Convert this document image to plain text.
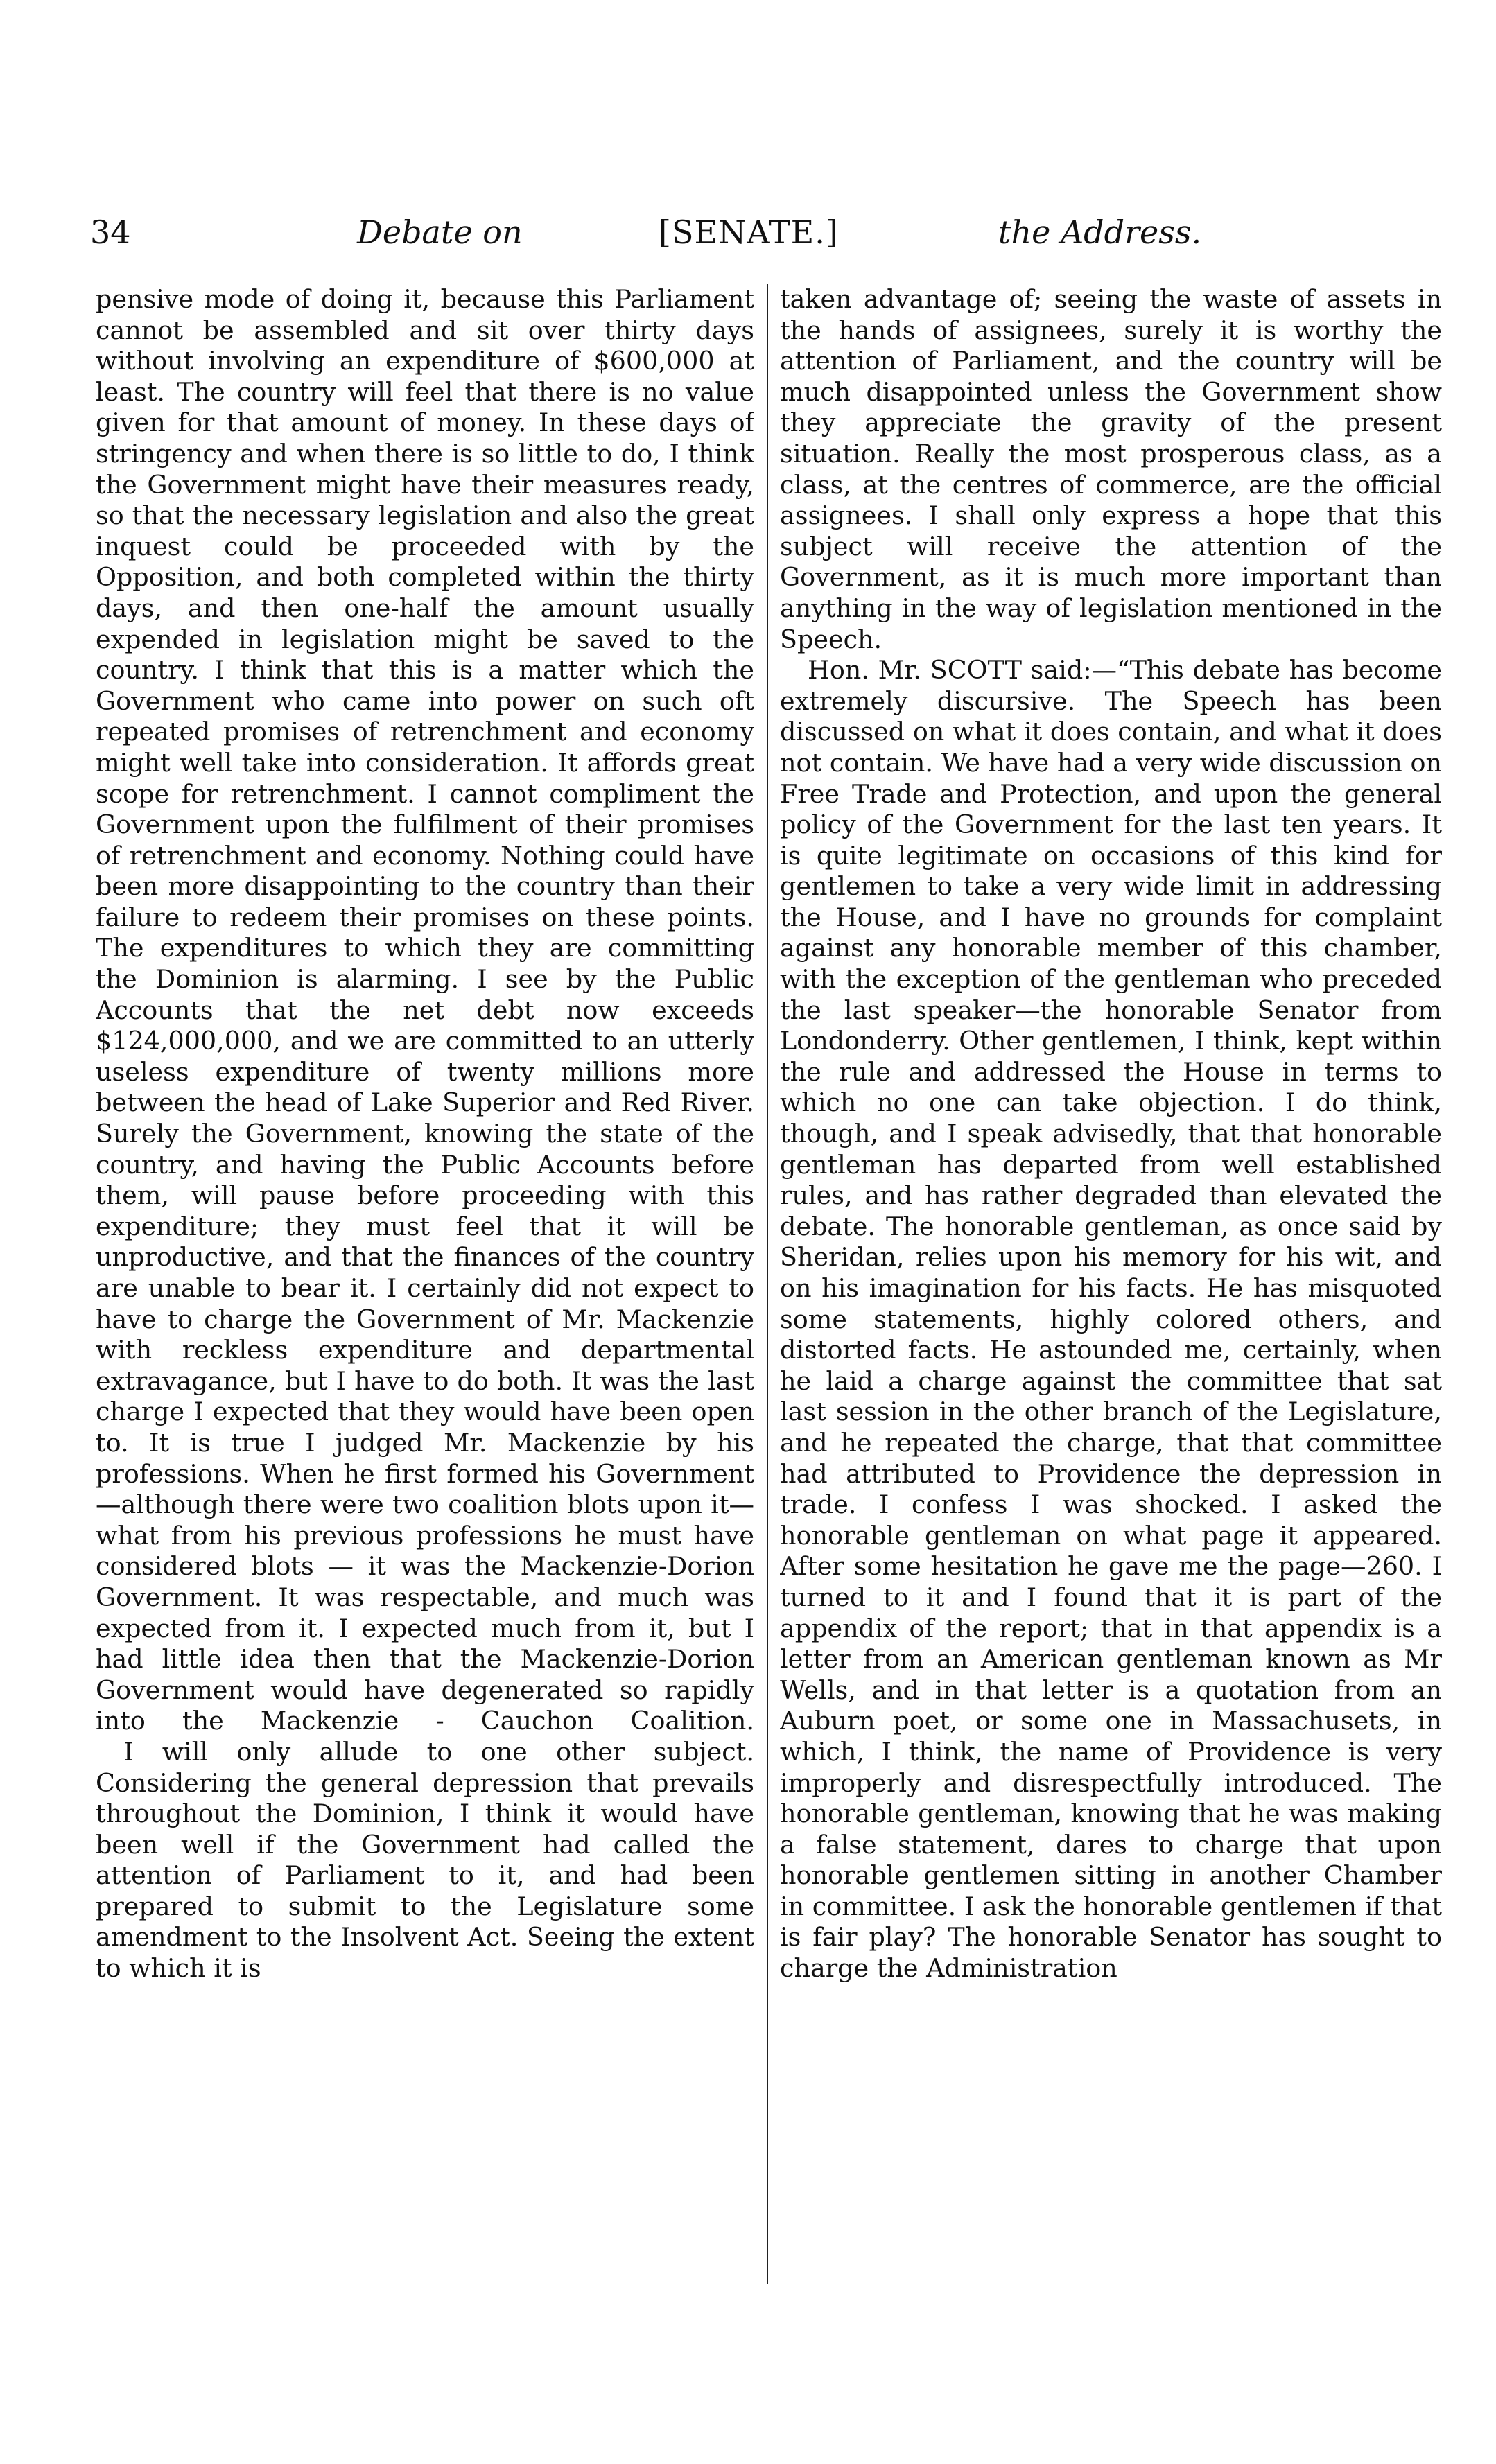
34	Debate on	[SENATE.]	the Address.

pensive mode of doing it, because this Parliament cannot be assembled and sit over thirty days without involving an expenditure of $600,000 at least. The country will feel that there is no value given for that amount of money. In these days of stringency and when there is so little to do, I think the Government might have their measures ready, so that the necessary legislation and also the great inquest could be proceeded with by the Opposition, and both completed within the thirty days, and then one-half the amount usually expended in legislation might be saved to the country. I think that this is a matter which the Government who came into power on such oft repeated promises of retrenchment and economy might well take into consideration. It affords great scope for retrenchment. I cannot compliment the Government upon the fulfilment of their promises of retrenchment and economy. Nothing could have been more disappointing to the country than their failure to redeem their promises on these points. The expenditures to which they are committing the Dominion is alarming. I see by the Public Accounts that the net debt now exceeds $124,000,000, and we are committed to an utterly useless expenditure of twenty millions more between the head of Lake Superior and Red River. Surely the Government, knowing the state of the country, and having the Public Accounts before them, will pause before proceeding with this expenditure; they must feel that it will be unproductive, and that the finances of the country are unable to bear it. I certainly did not expect to have to charge the Government of Mr. Mackenzie with reckless expenditure and departmental extravagance, but I have to do both. It was the last charge I expected that they would have been open to. It is true I judged Mr. Mackenzie by his professions. When he first formed his Government—although there were two coalition blots upon it—what from his previous professions he must have considered blots — it was the Mackenzie-Dorion Government. It was respectable, and much was expected from it. I expected much from it, but I had little idea then that the Mackenzie-Dorion Government would have degenerated so rapidly into the Mackenzie - Cauchon Coalition.

I will only allude to one other subject. Considering the general depression that prevails throughout the Dominion, I think it would have been well if the Government had called the attention of Parliament to it, and had been prepared to submit to the Legislature some amendment to the Insolvent Act. Seeing the extent to which it is

taken advantage of; seeing the waste of assets in the hands of assignees, surely it is worthy the attention of Parliament, and the country will be much disappointed unless the Government show they appreciate the gravity of the present situation. Really the most prosperous class, as a class, at the centres of commerce, are the official assignees. I shall only express a hope that this subject will receive the attention of the Government, as it is much more important than anything in the way of legislation mentioned in the Speech.

Hon. Mr. SCOTT said:—“This debate has become extremely discursive. The Speech has been discussed on what it does contain, and what it does not contain. We have had a very wide discussion on Free Trade and Protection, and upon the general policy of the Government for the last ten years. It is quite legitimate on occasions of this kind for gentlemen to take a very wide limit in addressing the House, and I have no grounds for complaint against any honorable member of this chamber, with the exception of the gentleman who preceded the last speaker—the honorable Senator from Londonderry. Other gentlemen, I think, kept within the rule and addressed the House in terms to which no one can take objection. I do think, though, and I speak advisedly, that that honorable gentleman has departed from well established rules, and has rather degraded than elevated the debate. The honorable gentleman, as once said by Sheridan, relies upon his memory for his wit, and on his imagination for his facts. He has misquoted some statements, highly colored others, and distorted facts. He astounded me, certainly, when he laid a charge against the committee that sat last session in the other branch of the Legislature, and he repeated the charge, that that committee had attributed to Providence the depression in trade. I confess I was shocked. I asked the honorable gentleman on what page it appeared. After some hesitation he gave me the page—260. I turned to it and I found that it is part of the appendix of the report; that in that appendix is a letter from an American gentleman known as Mr Wells, and in that letter is a quotation from an Auburn poet, or some one in Massachusets, in which, I think, the name of Providence is very improperly and disrespectfully introduced. The honorable gentleman, knowing that he was making a false statement, dares to charge that upon honorable gentlemen sitting in another Chamber in committee. I ask the honorable gentlemen if that is fair play? The honorable Senator has sought to charge the Administration
